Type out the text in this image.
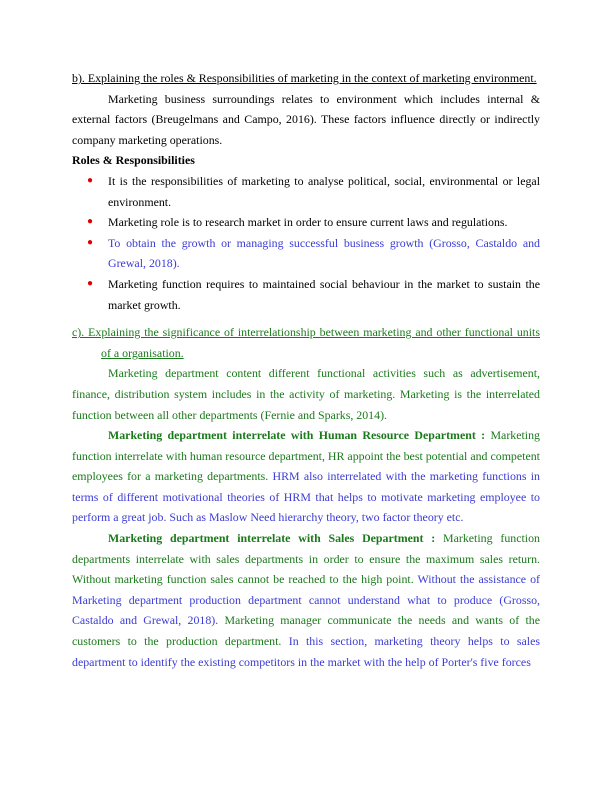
b). Explaining the roles & Responsibilities of marketing in the context of marketing environment.

Marketing business surroundings relates to environment which includes internal & external factors (Breugelmans and Campo, 2016). These factors influence directly or indirectly company marketing operations.

Roles & Responsibilities

● It is the responsibilities of marketing to analyse political, social, environmental or legal environment.
● Marketing role is to research market in order to ensure current laws and regulations.
● To obtain the growth or managing successful business growth (Grosso, Castaldo and Grewal, 2018).
● Marketing function requires to maintained social behaviour in the market to sustain the market growth.

c). Explaining the significance of interrelationship between marketing and other functional units of a organisation.

Marketing department content different functional activities such as advertisement, finance, distribution system includes in the activity of marketing. Marketing is the interrelated function between all other departments (Fernie and Sparks, 2014).

Marketing department interrelate with Human Resource Department : Marketing function interrelate with human resource department, HR appoint the best potential and competent employees for a marketing departments. HRM also interrelated with the marketing functions in terms of different motivational theories of HRM that helps to motivate marketing employee to perform a great job. Such as Maslow Need hierarchy theory, two factor theory etc.

Marketing department interrelate with Sales Department : Marketing function departments interrelate with sales departments in order to ensure the maximum sales return. Without marketing function sales cannot be reached to the high point. Without the assistance of Marketing department production department cannot understand what to produce (Grosso, Castaldo and Grewal, 2018). Marketing manager communicate the needs and wants of the customers to the production department. In this section, marketing theory helps to sales department to identify the existing competitors in the market with the help of Porter's five forces
